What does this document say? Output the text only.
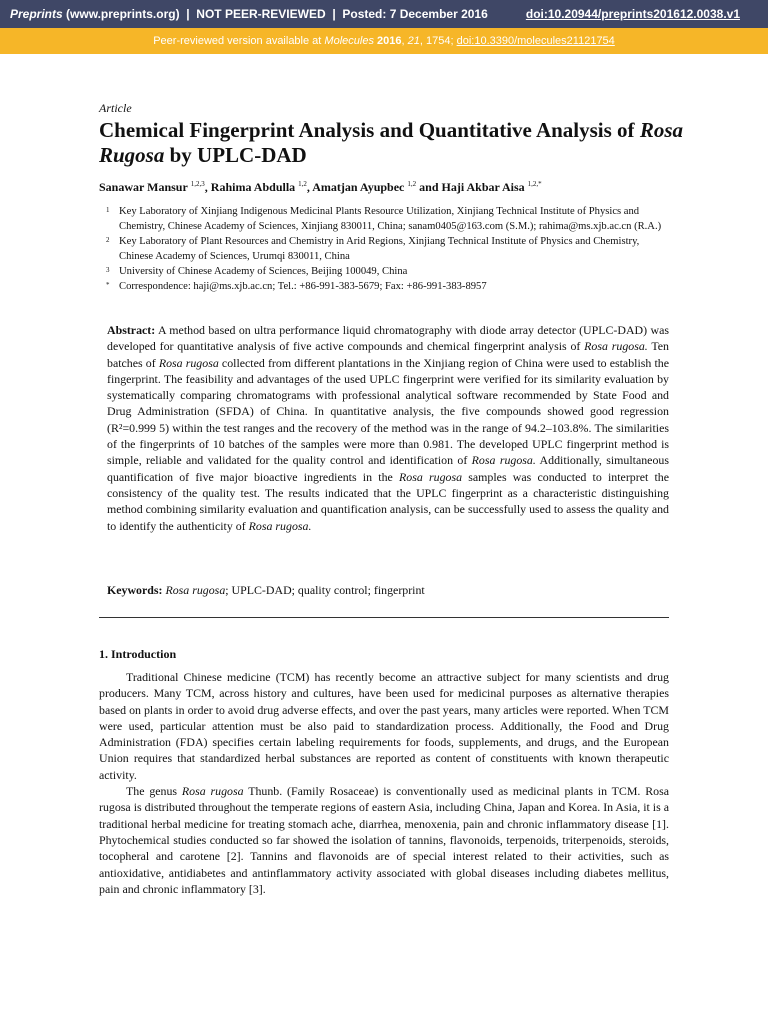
Preprints (www.preprints.org) | NOT PEER-REVIEWED | Posted: 7 December 2016	doi:10.20944/preprints201612.0038.v1
Peer-reviewed version available at Molecules 2016, 21, 1754; doi:10.3390/molecules21121754
Article
Chemical Fingerprint Analysis and Quantitative Analysis of Rosa Rugosa by UPLC-DAD
Sanawar Mansur $^{1,2,3}$, Rahima Abdulla $^{1,2}$, Amatjan Ayupbec $^{1,2}$ and Haji Akbar Aisa $^{1,2,*}$
1 Key Laboratory of Xinjiang Indigenous Medicinal Plants Resource Utilization, Xinjiang Technical Institute of Physics and Chemistry, Chinese Academy of Sciences, Xinjiang 830011, China; sanam0405@163.com (S.M.); rahima@ms.xjb.ac.cn (R.A.)
2 Key Laboratory of Plant Resources and Chemistry in Arid Regions, Xinjiang Technical Institute of Physics and Chemistry, Chinese Academy of Sciences, Urumqi 830011, China
3 University of Chinese Academy of Sciences, Beijing 100049, China
* Correspondence: haji@ms.xjb.ac.cn; Tel.: +86-991-383-5679; Fax: +86-991-383-8957

Abstract: A method based on ultra performance liquid chromatography with diode array detector (UPLC-DAD) was developed for quantitative analysis of five active compounds and chemical fingerprint analysis of Rosa rugosa. Ten batches of Rosa rugosa collected from different plantations in the Xinjiang region of China were used to establish the fingerprint. The feasibility and advantages of the used UPLC fingerprint were verified for its similarity evaluation by systematically comparing chromatograms with professional analytical software recommended by State Food and Drug Administration (SFDA) of China. In quantitative analysis, the five compounds showed good regression (R²=0.999 5) within the test ranges and the recovery of the method was in the range of 94.2–103.8%. The similarities of the fingerprints of 10 batches of the samples were more than 0.981. The developed UPLC fingerprint method is simple, reliable and validated for the quality control and identification of Rosa rugosa. Additionally, simultaneous quantification of five major bioactive ingredients in the Rosa rugosa samples was conducted to interpret the consistency of the quality test. The results indicated that the UPLC fingerprint as a characteristic distinguishing method combining similarity evaluation and quantification analysis, can be successfully used to assess the quality and to identify the authenticity of Rosa rugosa.

Keywords: Rosa rugosa; UPLC-DAD; quality control; fingerprint

1. Introduction

Traditional Chinese medicine (TCM) has recently become an attractive subject for many scientists and drug producers. Many TCM, across history and cultures, have been used for medicinal purposes as alternative therapies based on plants in order to avoid drug adverse effects, and over the past years, many articles were reported. When TCM were used, particular attention must be also paid to standardization process. Additionally, the Food and Drug Administration (FDA) specifies certain labeling requirements for foods, supplements, and drugs, and the European Union requires that standardized herbal substances are reported as content of constituents with known therapeutic activity.

The genus Rosa rugosa Thunb. (Family Rosaceae) is conventionally used as medicinal plants in TCM. Rosa rugosa is distributed throughout the temperate regions of eastern Asia, including China, Japan and Korea. In Asia, it is a traditional herbal medicine for treating stomach ache, diarrhea, menoxenia, pain and chronic inflammatory disease [1]. Phytochemical studies conducted so far showed the isolation of tannins, flavonoids, terpenoids, triterpenoids, steroids, tocopheral and carotene [2]. Tannins and flavonoids are of special interest related to their activities, such as antioxidative, antidiabetes and antinflammatory activity associated with global diseases including diabetes mellitus, pain and chronic inflammatory [3].
